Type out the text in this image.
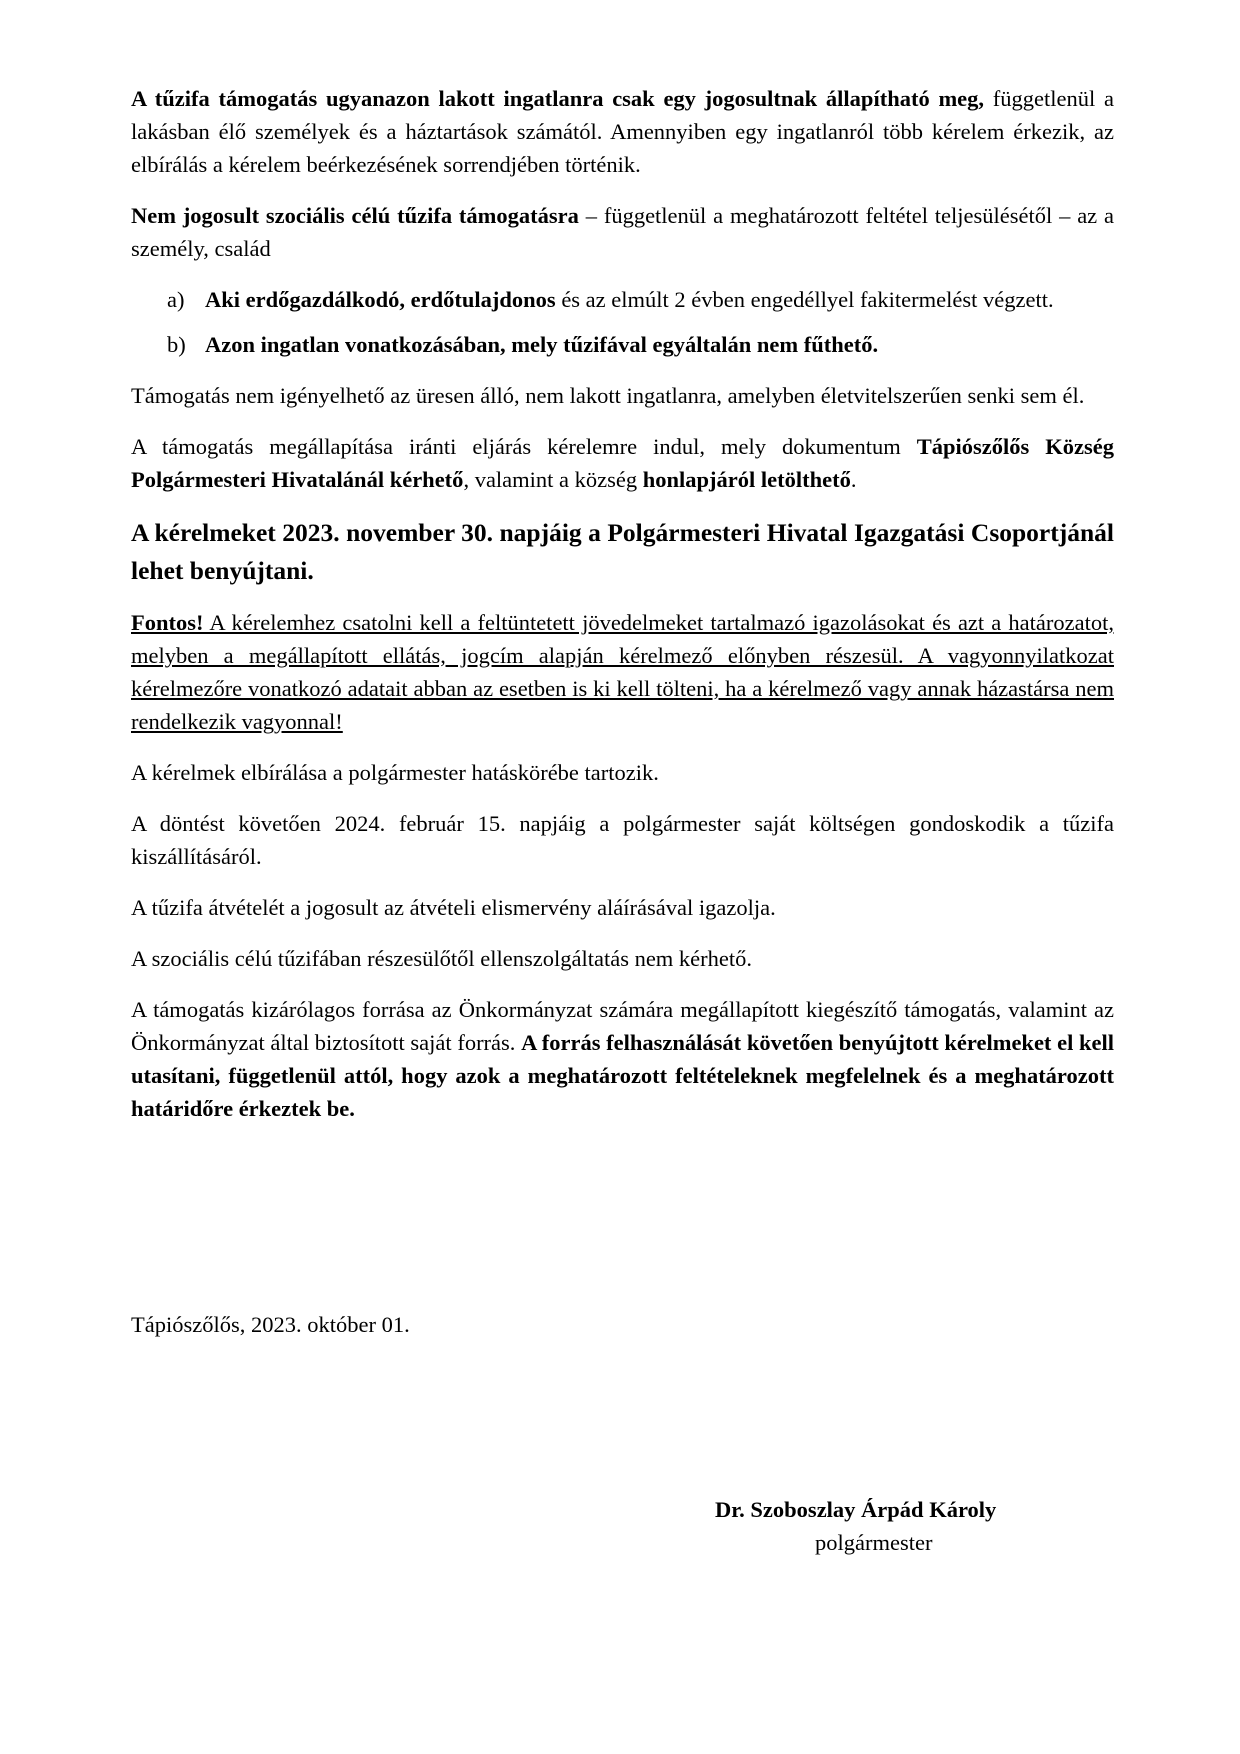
A tűzifa támogatás ugyanazon lakott ingatlanra csak egy jogosultnak állapítható meg, függetlenül a lakásban élő személyek és a háztartások számától. Amennyiben egy ingatlanról több kérelem érkezik, az elbírálás a kérelem beérkezésének sorrendjében történik.

Nem jogosult szociális célú tűzifa támogatásra – függetlenül a meghatározott feltétel teljesülésétől – az a személy, család

a) Aki erdőgazdálkodó, erdőtulajdonos és az elmúlt 2 évben engedéllyel fakitermelést végzett.
b) Azon ingatlan vonatkozásában, mely tűzifával egyáltalán nem fűthető.

Támogatás nem igényelhető az üresen álló, nem lakott ingatlanra, amelyben életvitelszerűen senki sem él.

A támogatás megállapítása iránti eljárás kérelemre indul, mely dokumentum Tápiószőlős Község Polgármesteri Hivatalánál kérhető, valamint a község honlapjáról letölthető.

A kérelmeket 2023. november 30. napjáig a Polgármesteri Hivatal Igazgatási Csoportjánál lehet benyújtani.

Fontos! A kérelemhez csatolni kell a feltüntetett jövedelmeket tartalmazó igazolásokat és azt a határozatot, melyben a megállapított ellátás, jogcím alapján kérelmező előnyben részesül. A vagyonnyilatkozat kérelmezőre vonatkozó adatait abban az esetben is ki kell tölteni, ha a kérelmező vagy annak házastársa nem rendelkezik vagyonnal!

A kérelmek elbírálása a polgármester hatáskörébe tartozik.

A döntést követően 2024. február 15. napjáig a polgármester saját költségen gondoskodik a tűzifa kiszállításáról.

A tűzifa átvételét a jogosult az átvételi elismervény aláírásával igazolja.

A szociális célú tűzifában részesülőtől ellenszolgáltatás nem kérhető.

A támogatás kizárólagos forrása az Önkormányzat számára megállapított kiegészítő támogatás, valamint az Önkormányzat által biztosított saját forrás. A forrás felhasználását követően benyújtott kérelmeket el kell utasítani, függetlenül attól, hogy azok a meghatározott feltételeknek megfelelnek és a meghatározott határidőre érkeztek be.

Tápiószőlős, 2023. október 01.

Dr. Szoboszlay Árpád Károly
polgármester
